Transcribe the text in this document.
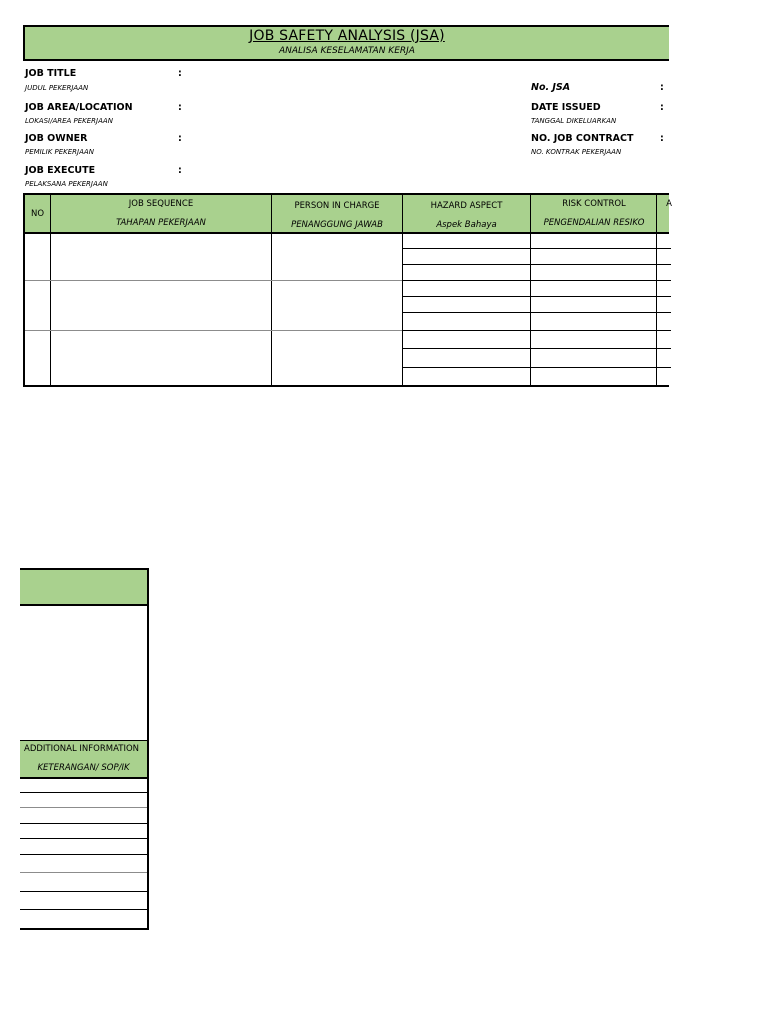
JOB SAFETY ANALYSIS (JSA)
ANALISA KESELAMATAN KERJA
JOB TITLE
JUDUL PEKERJAAN
:
JOB AREA/LOCATION
LOKASI/AREA PEKERJAAN
:
JOB OWNER
PEMILIK PEKERJAAN
:
JOB EXECUTE
PELAKSANA PEKERJAAN
:
No. JSA	:
DATE ISSUED
TANGGAL DIKELUARKAN
:
NO. JOB CONTRACT
NO. KONTRAK PEKERJAAN
:
NO
JOB SEQUENCE
TAHAPAN PEKERJAAN
PERSON IN CHARGE
PENANGGUNG JAWAB
HAZARD ASPECT
Aspek Bahaya
RISK CONTROL
PENGENDALIAN RESIKO
A
ADDITIONAL INFORMATION
KETERANGAN/ SOP/IK
